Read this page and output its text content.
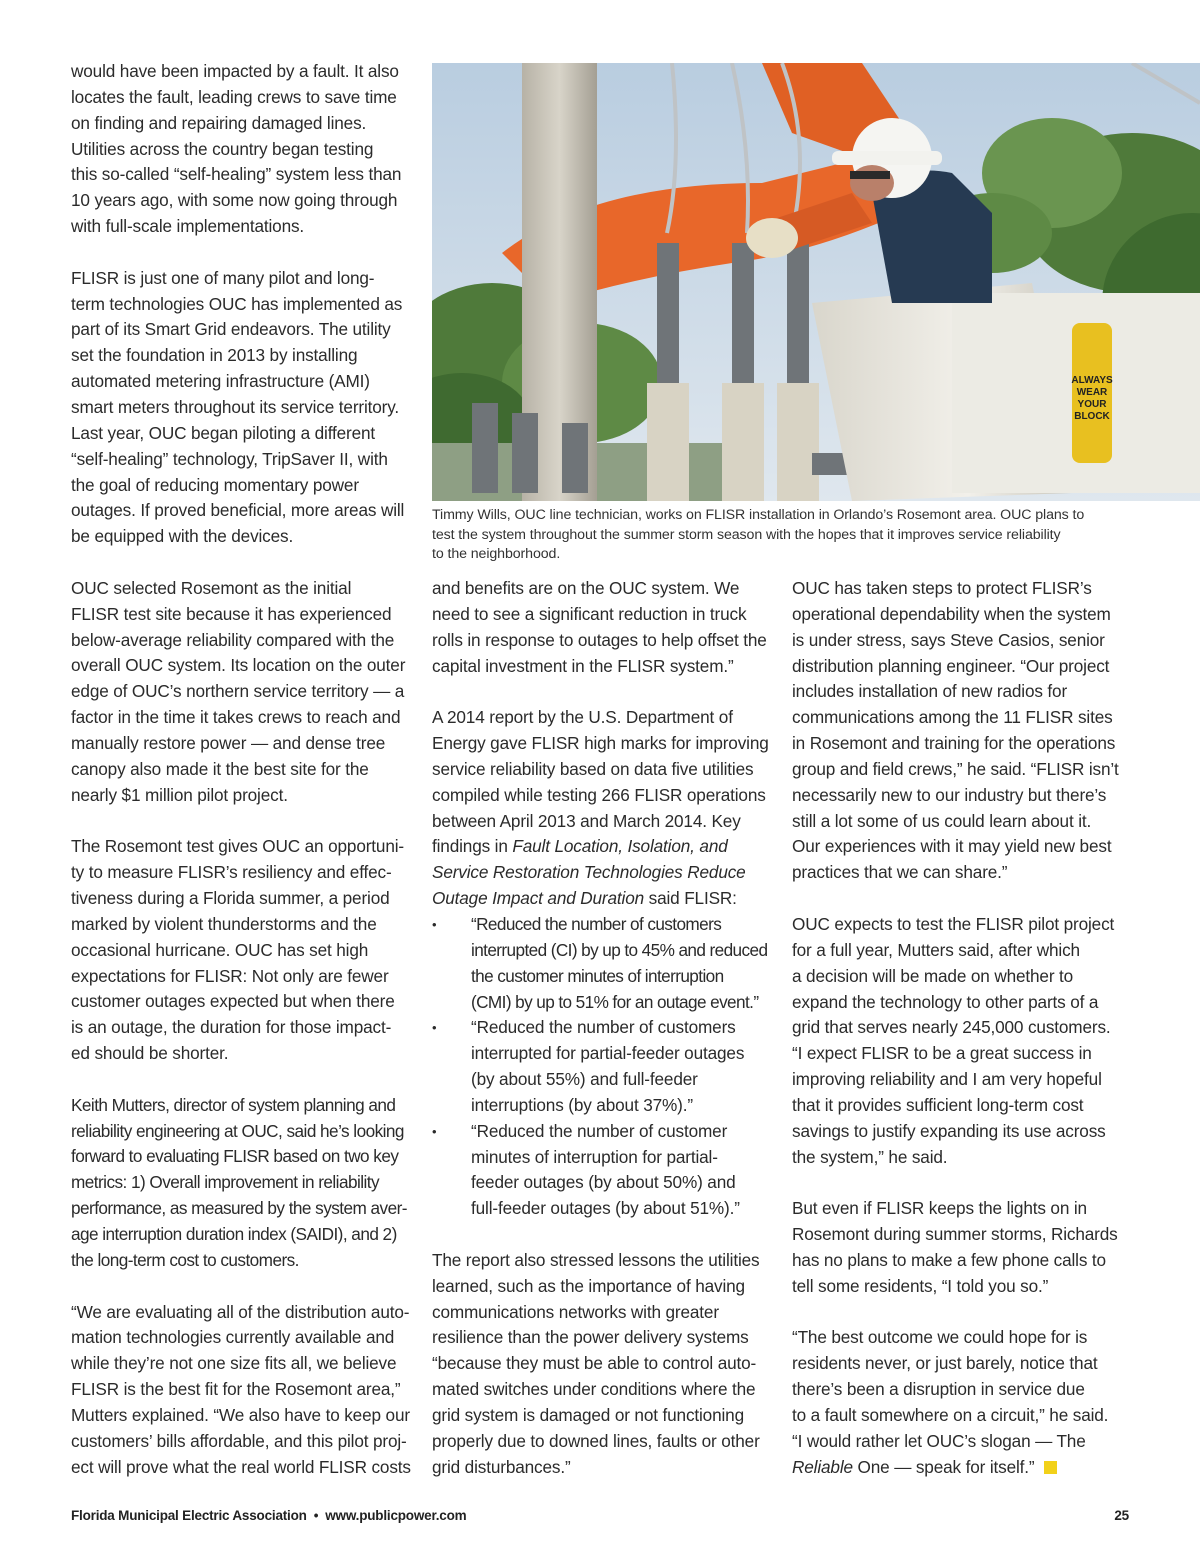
would have been impacted by a fault. It also
locates the fault, leading crews to save time
on finding and repairing damaged lines.
Utilities across the country began testing
this so-called “self-healing” system less than
10 years ago, with some now going through
with full-scale implementations.

FLISR is just one of many pilot and long-
term technologies OUC has implemented as
part of its Smart Grid endeavors. The utility
set the foundation in 2013 by installing
automated metering infrastructure (AMI)
smart meters throughout its service territory.
Last year, OUC began piloting a different
“self-healing” technology, TripSaver II, with
the goal of reducing momentary power
outages. If proved beneficial, more areas will
be equipped with the devices.

OUC selected Rosemont as the initial
FLISR test site because it has experienced
below-average reliability compared with the
overall OUC system. Its location on the outer
edge of OUC’s northern service territory — a
factor in the time it takes crews to reach and
manually restore power — and dense tree
canopy also made it the best site for the
nearly $1 million pilot project.

The Rosemont test gives OUC an opportuni-
ty to measure FLISR’s resiliency and effec-
tiveness during a Florida summer, a period
marked by violent thunderstorms and the
occasional hurricane. OUC has set high
expectations for FLISR: Not only are fewer
customer outages expected but when there
is an outage, the duration for those impact-
ed should be shorter.

Keith Mutters, director of system planning and
reliability engineering at OUC, said he’s looking
forward to evaluating FLISR based on two key
metrics: 1) Overall improvement in reliability
performance, as measured by the system aver-
age interruption duration index (SAIDI), and 2)
the long-term cost to customers.

“We are evaluating all of the distribution auto-
mation technologies currently available and
while they’re not one size fits all, we believe
FLISR is the best fit for the Rosemont area,”
Mutters explained. “We also have to keep our
customers’ bills affordable, and this pilot proj-
ect will prove what the real world FLISR costs

ALWAYS
WEAR
YOUR
BLOCK
Timmy Wills, OUC line technician, works on FLISR installation in Orlando’s Rosemont area. OUC plans to
test the system throughout the summer storm season with the hopes that it improves service reliability
to the neighborhood.

and benefits are on the OUC system. We
need to see a significant reduction in truck
rolls in response to outages to help offset the
capital investment in the FLISR system.”

A 2014 report by the U.S. Department of
Energy gave FLISR high marks for improving
service reliability based on data five utilities
compiled while testing 266 FLISR operations
between April 2013 and March 2014. Key
findings in Fault Location, Isolation, and
Service Restoration Technologies Reduce
Outage Impact and Duration said FLISR:

• “Reduced the number of customers
interrupted (CI) by up to 45% and reduced
the customer minutes of interruption
(CMI) by up to 51% for an outage event.”
• “Reduced the number of customers
interrupted for partial-feeder outages
(by about 55%) and full-feeder
interruptions (by about 37%).”
• “Reduced the number of customer
minutes of interruption for partial-
feeder outages (by about 50%) and
full-feeder outages (by about 51%).”

The report also stressed lessons the utilities
learned, such as the importance of having
communications networks with greater
resilience than the power delivery systems
“because they must be able to control auto-
mated switches under conditions where the
grid system is damaged or not functioning
properly due to downed lines, faults or other
grid disturbances.”

OUC has taken steps to protect FLISR’s
operational dependability when the system
is under stress, says Steve Casios, senior
distribution planning engineer. “Our project
includes installation of new radios for
communications among the 11 FLISR sites
in Rosemont and training for the operations
group and field crews,” he said. “FLISR isn’t
necessarily new to our industry but there’s
still a lot some of us could learn about it.
Our experiences with it may yield new best
practices that we can share.”

OUC expects to test the FLISR pilot project
for a full year, Mutters said, after which
a decision will be made on whether to
expand the technology to other parts of a
grid that serves nearly 245,000 customers.
“I expect FLISR to be a great success in
improving reliability and I am very hopeful
that it provides sufficient long-term cost
savings to justify expanding its use across
the system,” he said.

But even if FLISR keeps the lights on in
Rosemont during summer storms, Richards
has no plans to make a few phone calls to
tell some residents, “I told you so.”

“The best outcome we could hope for is
residents never, or just barely, notice that
there’s been a disruption in service due
to a fault somewhere on a circuit,” he said.
“I would rather let OUC’s slogan — The
Reliable One — speak for itself.”

Florida Municipal Electric Association • www.publicpower.com	25
